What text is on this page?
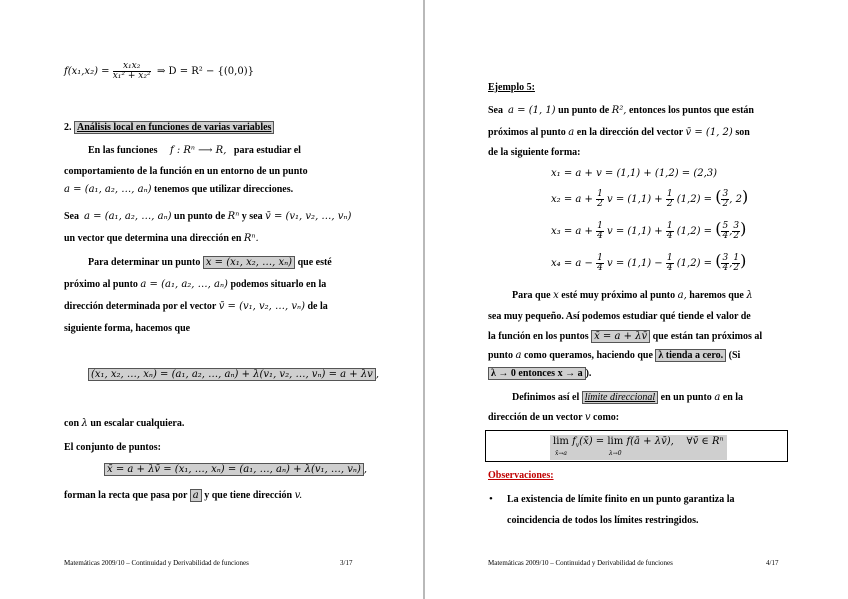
$f(x_1,x_2) = \frac{\text{x₁x₂}}{\text{x₁² + x₂²}}$ ⇒ D = R² − {(0,0)}
2. Análisis local en funciones de varias variables
En las funciones f : Rⁿ ⟶ R, para estudiar el
comportamiento de la función en un entorno de un punto
a = (a₁, a₂, …, aₙ) tenemos que utilizar direcciones.
Sea a = (a₁, a₂, …, aₙ) un punto de Rⁿ y sea v̄ = (v₁, v₂, …, vₙ)
un vector que determina una dirección en Rⁿ.
Para determinar un punto x = (x₁, x₂, …, xₙ) que esté
próximo al punto a = (a₁, a₂, …, aₙ) podemos situarlo en la
dirección determinada por el vector v̄ = (v₁, v₂, …, vₙ) de la
siguiente forma, hacemos que
(x₁, x₂, …, xₙ) = (a₁, a₂, …, aₙ) + λ(v₁, v₂, …, vₙ) = a + λv ,
con λ un escalar cualquiera.
El conjunto de puntos:
x̄ = a + λv̄ = (x₁, …, xₙ) = (a₁, …, aₙ) + λ(v₁, …, vₙ) ,
forman la recta que pasa por a y que tiene dirección v.
Matemáticas 2009/10 – Continuidad y Derivabilidad de funciones	3/17
Ejemplo 5:
Sea a = (1, 1) un punto de R², entonces los puntos que están
próximos al punto a en la dirección del vector v̄ = (1, 2) son
de la siguiente forma:
x₁ = a + v = (1,1) + (1,2) = (2,3)
$x_2 = a + \frac{1}{2}$ $v = (1,1) + \frac{1}{2} (1,2)$ = ( $\frac{3}{2}$ , 2)
$x_3 = a + \frac{1}{4}$ $v = (1,1) + \frac{1}{4} (1,2)$ = ( $\frac{5}{4}$ , $\frac{3}{2}$ )
$x_4 = a - \frac{1}{4}$ $v = (1,1) - \frac{1}{4} (1,2)$ = ( $\frac{3}{4}$ , $\frac{1}{2}$ )
Para que x esté muy próximo al punto a, haremos que λ
sea muy pequeño. Así podemos estudiar qué tiende el valor de
la función en los puntos x̄ = a + λv̄ que están tan próximos al
punto a como queramos, haciendo que λ tienda a cero. (Si
λ → 0 entonces x → a ).
Definimos así el límite direccional en un punto a en la
dirección de un vector v como:
lim
x̄→a $f_v(x̄) = \lim$
λ→0 f(ā + λv̄), ∀v̄ ∈ Rⁿ
Observaciones:
• La existencia de límite finito en un punto garantiza la
coincidencia de todos los límites restringidos.
Matemáticas 2009/10 – Continuidad y Derivabilidad de funciones	4/17
